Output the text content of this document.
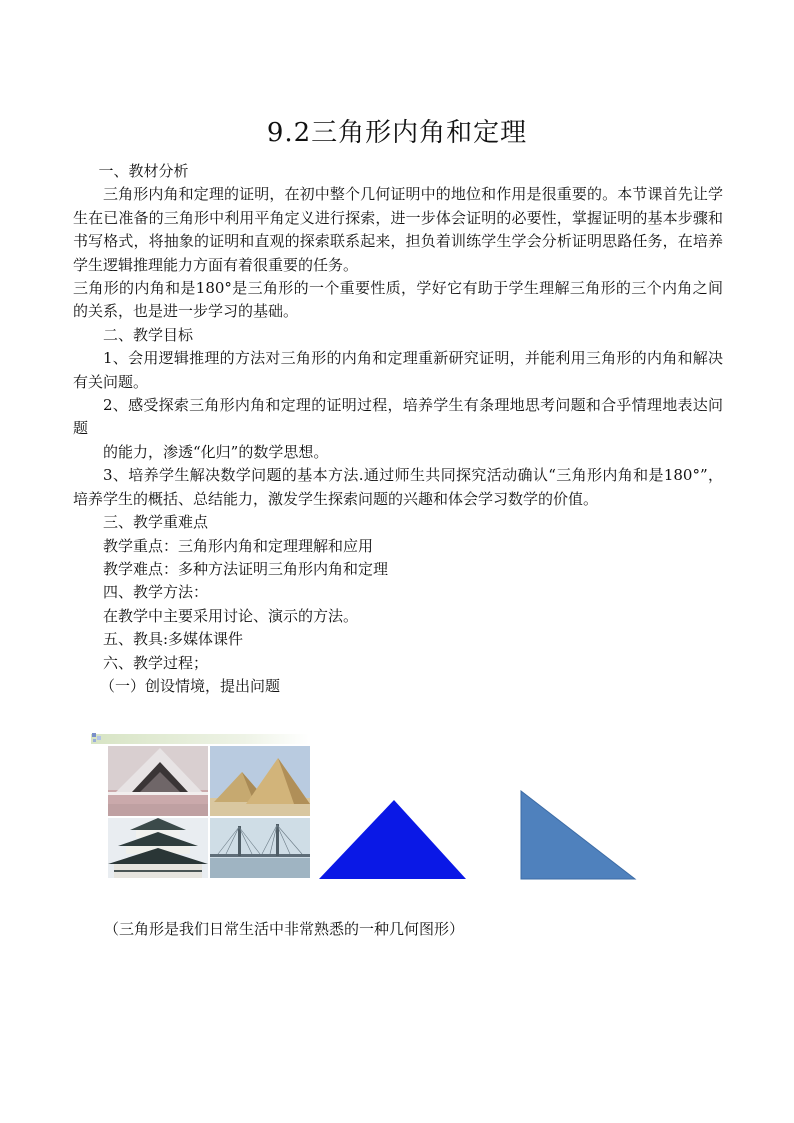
9.2三角形内角和定理

一、教材分析

三角形内角和定理的证明，在初中整个几何证明中的地位和作用是很重要的。本节课首先让学生在已准备的三角形中利用平角定义进行探索，进一步体会证明的必要性，掌握证明的基本步骤和书写格式，将抽象的证明和直观的探索联系起来，担负着训练学生学会分析证明思路任务，在培养学生逻辑推理能力方面有着很重要的任务。

三角形的内角和是180°是三角形的一个重要性质，学好它有助于学生理解三角形的三个内角之间的关系，也是进一步学习的基础。

二、教学目标

1、会用逻辑推理的方法对三角形的内角和定理重新研究证明，并能利用三角形的内角和解决有关问题。

2、感受探索三角形内角和定理的证明过程，培养学生有条理地思考问题和合乎情理地表达问题

的能力，渗透“化归”的数学思想。

3、培养学生解决数学问题的基本方法.通过师生共同探究活动确认“三角形内角和是180°”，培养学生的概括、总结能力，激发学生探索问题的兴趣和体会学习数学的价值。

三、教学重难点

教学重点：三角形内角和定理理解和应用

教学难点：多种方法证明三角形内角和定理

四、教学方法：

在教学中主要采用讨论、演示的方法。

五、教具:多媒体课件

六、教学过程；

（一）创设情境，提出问题

（三角形是我们日常生活中非常熟悉的一种几何图形）
